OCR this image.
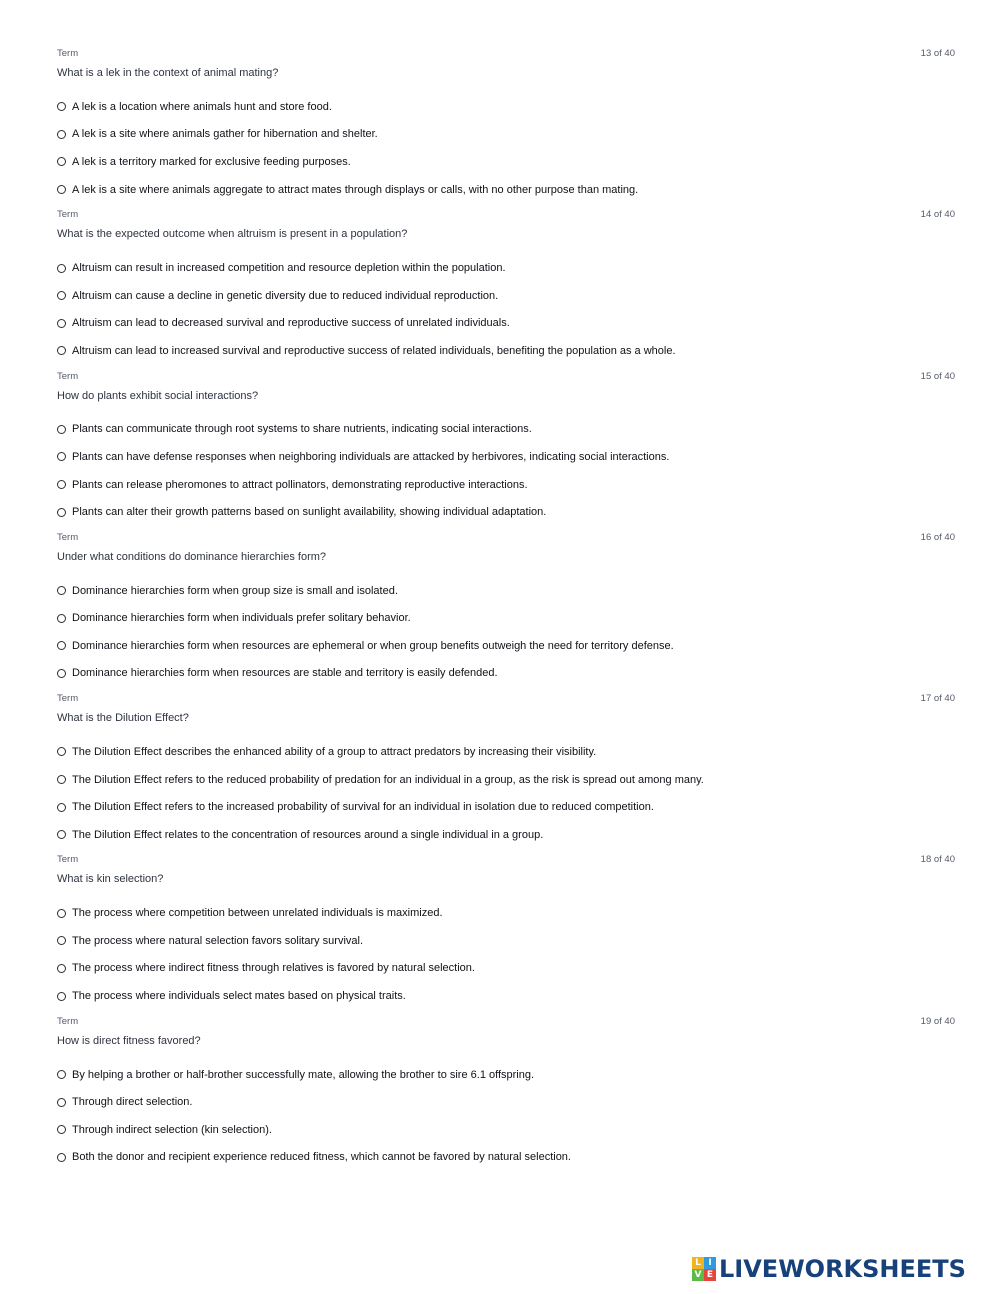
Term	13 of 40
What is a lek in the context of animal mating?
A lek is a location where animals hunt and store food.
A lek is a site where animals gather for hibernation and shelter.
A lek is a territory marked for exclusive feeding purposes.
A lek is a site where animals aggregate to attract mates through displays or calls, with no other purpose than mating.
Term	14 of 40
What is the expected outcome when altruism is present in a population?
Altruism can result in increased competition and resource depletion within the population.
Altruism can cause a decline in genetic diversity due to reduced individual reproduction.
Altruism can lead to decreased survival and reproductive success of unrelated individuals.
Altruism can lead to increased survival and reproductive success of related individuals, benefiting the population as a whole.
Term	15 of 40
How do plants exhibit social interactions?
Plants can communicate through root systems to share nutrients, indicating social interactions.
Plants can have defense responses when neighboring individuals are attacked by herbivores, indicating social interactions.
Plants can release pheromones to attract pollinators, demonstrating reproductive interactions.
Plants can alter their growth patterns based on sunlight availability, showing individual adaptation.
Term	16 of 40
Under what conditions do dominance hierarchies form?
Dominance hierarchies form when group size is small and isolated.
Dominance hierarchies form when individuals prefer solitary behavior.
Dominance hierarchies form when resources are ephemeral or when group benefits outweigh the need for territory defense.
Dominance hierarchies form when resources are stable and territory is easily defended.
Term	17 of 40
What is the Dilution Effect?
The Dilution Effect describes the enhanced ability of a group to attract predators by increasing their visibility.
The Dilution Effect refers to the reduced probability of predation for an individual in a group, as the risk is spread out among many.
The Dilution Effect refers to the increased probability of survival for an individual in isolation due to reduced competition.
The Dilution Effect relates to the concentration of resources around a single individual in a group.
Term	18 of 40
What is kin selection?
The process where competition between unrelated individuals is maximized.
The process where natural selection favors solitary survival.
The process where indirect fitness through relatives is favored by natural selection.
The process where individuals select mates based on physical traits.
Term	19 of 40
How is direct fitness favored?
By helping a brother or half-brother successfully mate, allowing the brother to sire 6.1 offspring.
Through direct selection.
Through indirect selection (kin selection).
Both the donor and recipient experience reduced fitness, which cannot be favored by natural selection.
L I
V E LIVEWORKSHEETS
